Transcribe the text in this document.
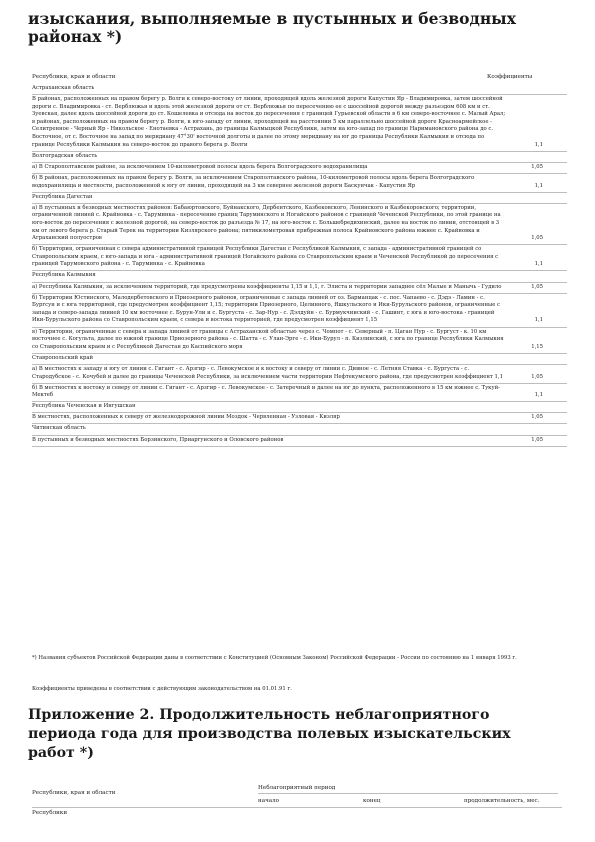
изыскания, выполняемые в пустынных и безводных районах *)
Республики, края и области	Коэффициенты
Астраханская область
В районах, расположенных на правом берегу р. Волги к северо-востоку от линии, проходящей вдоль железной дороги Капустин Яр - Владимировка, затем шоссейной дороги с. Владимировка - ст. Верблюжья и вдоль этой железной дороги от ст. Верблюжья по пересечению ее с шоссейной дорогой между разъездом 608 км и ст. Зуевская, далее вдоль шоссейной дороги до ст. Кошелевка и отсюда на восток до пересечения с границей Гурьевской области в 6 км северо-восточнее с. Малый Арал; в районах, расположенных на правом берегу р. Волги, к юго-западу от линии, проходящей на расстоянии 5 км параллельно шоссейной дороге Красноармейское - Селитренное - Черный Яр - Никольское - Енотаевка - Астрахань, до границы Калмыцкой Республики, затем на юго-запад по границе Наримановского района до с. Восточное, от с. Восточное на запад по меридиану 47°30' восточной долготы и далее по этому меридиану на юг до границы Республики Калмыкия и отсюда по границе Республики Калмыкия на северо-восток до правого берега р. Волги	1,1
Волгоградская область
а) В Старополтавском районе, за исключением 10-километровой полосы вдоль берега Волгоградского водохранилища	1,05
б) В районах, расположенных на правом берегу р. Волги, за исключением Старополтавского района, 10-километровой полосы вдоль берега Волгоградского водохранилища и местности, расположенной к югу от линии, проходящей на 3 км севернее железной дороги Баскунчак - Капустин Яр	1,1
Республика Дагестан
а) В пустынных и безводных местностях районов: Бабаюртовского, Буйнакского, Дербентского, Казбековского, Ленинского и Казбекоровского; территории, ограниченной линией с. Крайновка - с. Таруминка - пересечение границ Таруминского и Ногайского районов с границей Чеченской Республики, по этой границе на юго-восток до пересечения с железной дорогой, на северо-восток до разъезда № 17, на юго-восток с. Большебредихинский, далее на восток по линии, отстоящей в 3 км от левого берега р. Старый Терек на территории Кизлярского района; пятикилометровая прибрежная полоса Крайновского района южнее с. Крайновка и Аграханский полуостров	1,05
б) Территория, ограниченная с севера административной границей Республики Дагестан с Республикой Калмыкия, с запада - административной границей со Ставропольским краем, с юго-запада и юга - административной границей Ногайского района со Ставропольским краем и Чеченской Республикой до пересечения с границей Тарумовского района - с. Таруминка - с. Крайновка	1,1
Республика Калмыкия
а) Республика Калмыкия, за исключением территорий, где предусмотрены коэффициенты 1,15 и 1,1, г. Элиста и территории западнее сёл Малые и Манычь - Гудило	1,05
б) Территории Юстинского, Малодербетовского и Приозерного районов, ограниченные с запада линией от оз. Барманцак - с. пос. Чапаево - с. Дэдэ - Ламин - с. Бургсун и с юга территорией, где предусмотрен коэффициент 1,15; территории Приозерного, Целинного, Яшкульского и Ики-Бурульского районов, ограниченные с запада и северо-запада линией 10 км восточнее с. Бурун-Ули и с. Бургуста - с. Зар-Нур - с. Дэлдуйн - с. Бурмукчииский - с. Гашинт, с юга и юго-востока - границей Ики-Бурульского района со Ставропольским краем, с севера и востока территорией, где предусмотрен коэффициент 1,15	1,1
в) Территории, ограниченные с севера и запада линией от границы с Астраханской областью через с. Чомпот - с. Северный - п. Цаган Нур - с. Бургуст - к. 10 км восточнее с. Когульта, далее по южной границе Приозерного района - с. Шатта - с. Улан-Эрге - с. Ики-Бурул - п. Кизлинский, с юга по границе Республики Калмыкия со Ставропольским краем и с Республикой Дагестан до Каспийского моря	1,15
Ставропольский край
а) В местностях к западу и югу от линии с. Гигант - с. Арзгир - с. Левокумское и к востоку и северу от линии с. Дивное - с. Летняя Ставка - с. Бургуста - с. Стародубское - с. Кочубей и далее до границы Чеченской Республики, за исключением части территории Нефтекумского района, где предусмотрен коэффициент 1,1	1,05
б) В местностях к востоку и северу от линии с. Гигант - с. Арзгир - с. Левокумское - с. Затеречный и далее на юг до пункта, расположенного в 15 км южнее с. Тукуй-Мектеб	1,1
Республика Чеченская и Ингушская
В местностях, расположенных к северу от железнодорожной линии Моздок - Червленная - Узловая - Кизляр	1,05
Читинская область
В пустынных и безводных местностях Борзинского, Приаргунского и Оловского районов	1,05

*) Названия субъектов Российской Федерации даны в соответствии с Конституцией (Основным Законом) Российской Федерации - России по состоянию на 1 января 1993 г.

Коэффициенты приведены в соответствии с действующим законодательством на 01.01.91 г.

Приложение 2. Продолжительность неблагоприятного периода года для производства полевых изыскательских работ *)
Неблагоприятный период
Республики, края и области
начало	конец	продолжительность, мес.
Республики
